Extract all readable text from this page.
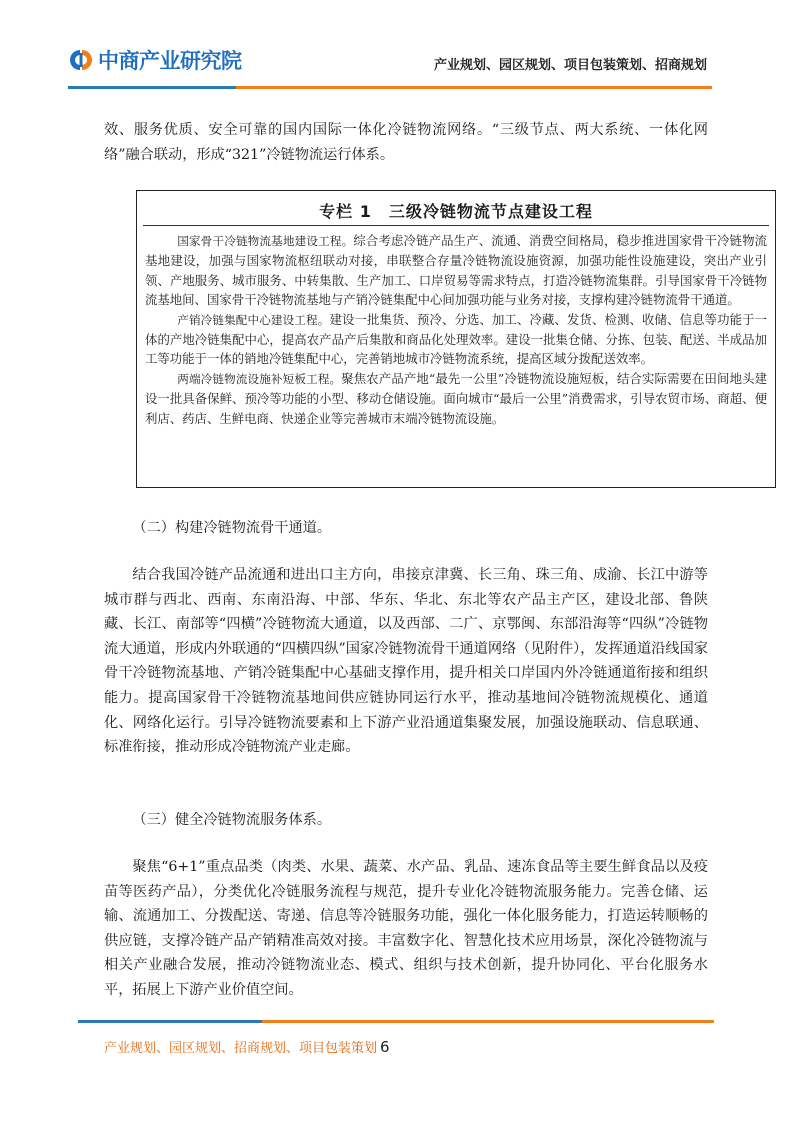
中商产业研究院	产业规划、园区规划、项目包装策划、招商规划
效、服务优质、安全可靠的国内国际一体化冷链物流网络。“三级节点、两大系统、一体化网络”融合联动，形成“321”冷链物流运行体系。
专栏 1　三级冷链物流节点建设工程

国家骨干冷链物流基地建设工程。综合考虑冷链产品生产、流通、消费空间格局，稳步推进国家骨干冷链物流基地建设，加强与国家物流枢纽联动对接，串联整合存量冷链物流设施资源，加强功能性设施建设，突出产业引领、产地服务、城市服务、中转集散、生产加工、口岸贸易等需求特点，打造冷链物流集群。引导国家骨干冷链物流基地间、国家骨干冷链物流基地与产销冷链集配中心间加强功能与业务对接，支撑构建冷链物流骨干通道。

产销冷链集配中心建设工程。建设一批集货、预冷、分选、加工、冷藏、发货、检测、收储、信息等功能于一体的产地冷链集配中心，提高农产品产后集散和商品化处理效率。建设一批集仓储、分拣、包装、配送、半成品加工等功能于一体的销地冷链集配中心，完善销地城市冷链物流系统，提高区域分拨配送效率。

两端冷链物流设施补短板工程。聚焦农产品产地“最先一公里”冷链物流设施短板，结合实际需要在田间地头建设一批具备保鲜、预冷等功能的小型、移动仓储设施。面向城市“最后一公里”消费需求，引导农贸市场、商超、便利店、药店、生鲜电商、快递企业等完善城市末端冷链物流设施。

（二）构建冷链物流骨干通道。
结合我国冷链产品流通和进出口主方向，串接京津冀、长三角、珠三角、成渝、长江中游等城市群与西北、西南、东南沿海、中部、华东、华北、东北等农产品主产区，建设北部、鲁陕藏、长江、南部等“四横”冷链物流大通道，以及西部、二广、京鄂闽、东部沿海等“四纵”冷链物流大通道，形成内外联通的“四横四纵”国家冷链物流骨干通道网络（见附件），发挥通道沿线国家骨干冷链物流基地、产销冷链集配中心基础支撑作用，提升相关口岸国内外冷链通道衔接和组织能力。提高国家骨干冷链物流基地间供应链协同运行水平，推动基地间冷链物流规模化、通道化、网络化运行。引导冷链物流要素和上下游产业沿通道集聚发展，加强设施联动、信息联通、标准衔接，推动形成冷链物流产业走廊。
（三）健全冷链物流服务体系。
聚焦“6+1”重点品类（肉类、水果、蔬菜、水产品、乳品、速冻食品等主要生鲜食品以及疫苗等医药产品），分类优化冷链服务流程与规范，提升专业化冷链物流服务能力。完善仓储、运输、流通加工、分拨配送、寄递、信息等冷链服务功能，强化一体化服务能力，打造运转顺畅的供应链，支撑冷链产品产销精准高效对接。丰富数字化、智慧化技术应用场景，深化冷链物流与相关产业融合发展，推动冷链物流业态、模式、组织与技术创新，提升协同化、平台化服务水平，拓展上下游产业价值空间。
产业规划、园区规划、招商规划、项目包装策划 6
